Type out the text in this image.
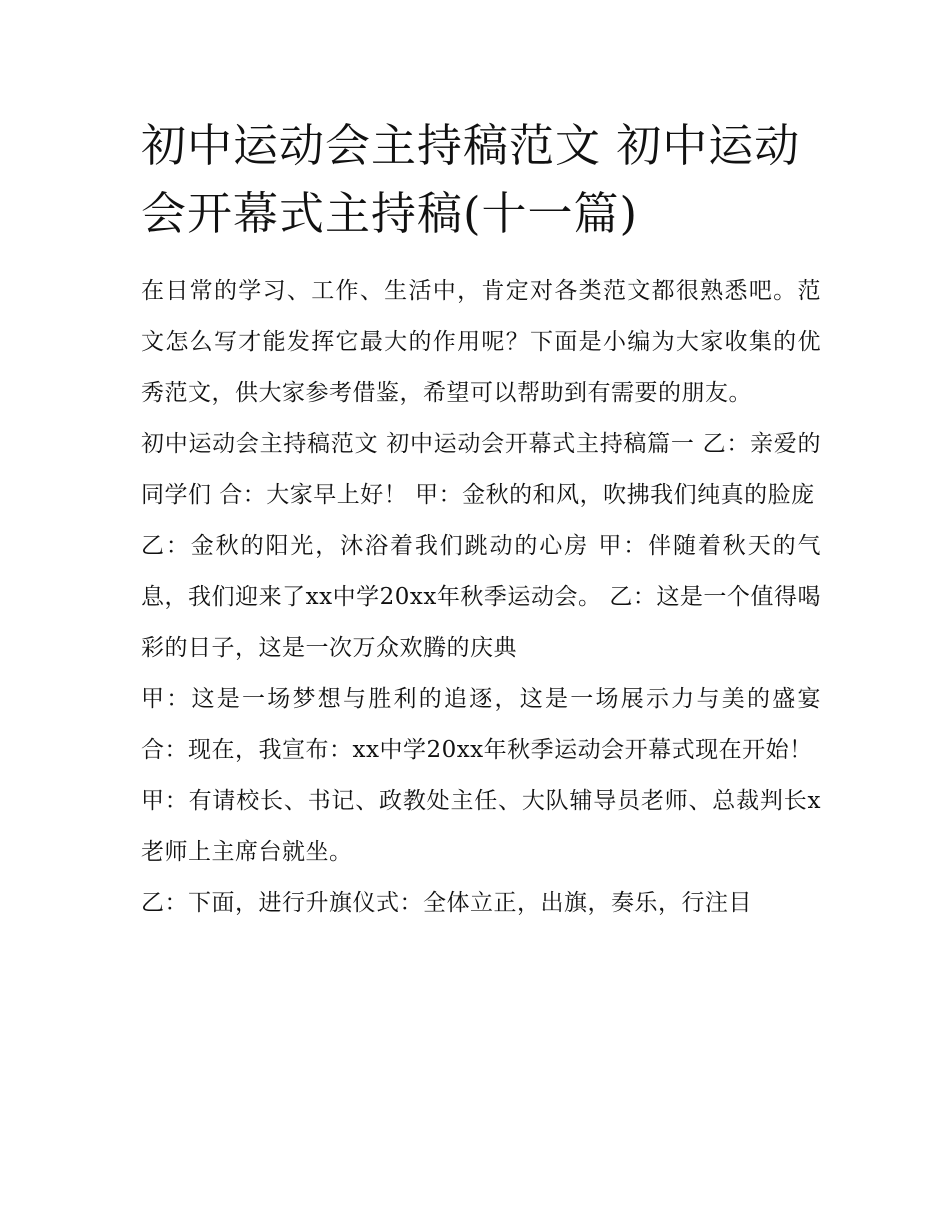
初中运动会主持稿范文 初中运动会开幕式主持稿(十一篇)

在日常的学习、工作、生活中，肯定对各类范文都很熟悉吧。范文怎么写才能发挥它最大的作用呢？下面是小编为大家收集的优秀范文，供大家参考借鉴，希望可以帮助到有需要的朋友。

初中运动会主持稿范文 初中运动会开幕式主持稿篇一 乙：亲爱的同学们 合：大家早上好！ 甲：金秋的和风，吹拂我们纯真的脸庞

乙：金秋的阳光，沐浴着我们跳动的心房 甲：伴随着秋天的气息，我们迎来了xx中学20xx年秋季运动会。 乙：这是一个值得喝彩的日子，这是一次万众欢腾的庆典

甲：这是一场梦想与胜利的追逐，这是一场展示力与美的盛宴 合：现在，我宣布：xx中学20xx年秋季运动会开幕式现在开始！

甲：有请校长、书记、政教处主任、大队辅导员老师、总裁判长x老师上主席台就坐。

乙：下面，进行升旗仪式：全体立正，出旗，奏乐，行注目
